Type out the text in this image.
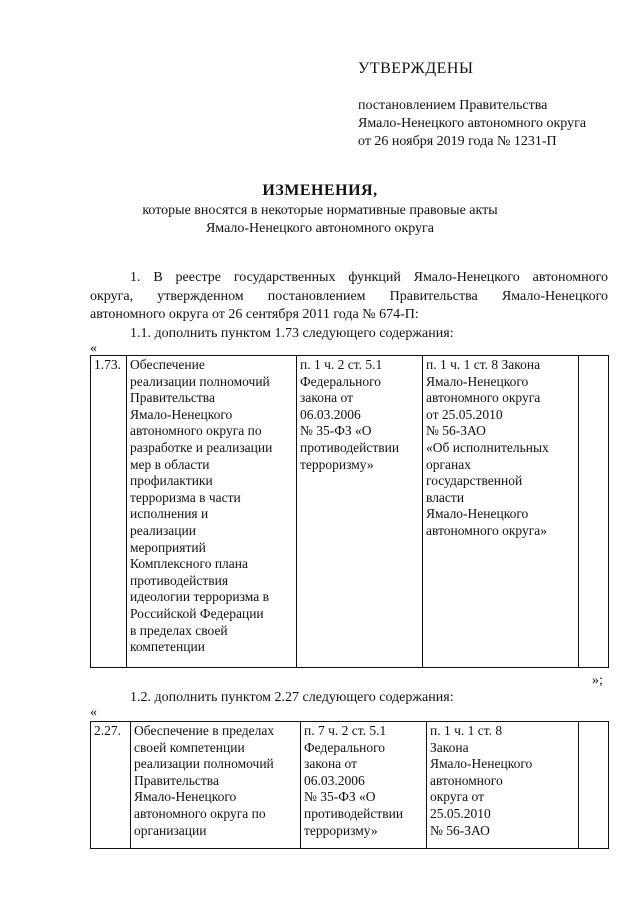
УТВЕРЖДЕНЫ
постановлением Правительства
Ямало-Ненецкого автономного округа
от 26 ноября 2019 года № 1231-П
ИЗМЕНЕНИЯ,
которые вносятся в некоторые нормативные правовые акты
Ямало-Ненецкого автономного округа
1. В реестре государственных функций Ямало-Ненецкого автономного
округа, утвержденном постановлением Правительства Ямало-Ненецкого
автономного округа от 26 сентября 2011 года № 674-П:
1.1. дополнить пунктом 1.73 следующего содержания:
«
1.73.	Обеспечение
реализации полномочий
Правительства
Ямало-Ненецкого
автономного округа по
разработке и реализации
мер в области
профилактики
терроризма в части
исполнения и
реализации
мероприятий
Комплексного плана
противодействия
идеологии терроризма в
Российской Федерации
в пределах своей
компетенции	п. 1 ч. 2 ст. 5.1
Федерального
закона от
06.03.2006
№ 35-ФЗ «О
противодействии
терроризму»	п. 1 ч. 1 ст. 8 Закона
Ямало-Ненецкого
автономного округа
от 25.05.2010
№ 56-ЗАО
«Об исполнительных
органах
государственной
власти
Ямало-Ненецкого
автономного округа»	
»;
1.2. дополнить пунктом 2.27 следующего содержания:
«
2.27.	Обеспечение в пределах
своей компетенции
реализации полномочий
Правительства
Ямало-Ненецкого
автономного округа по
организации	п. 7 ч. 2 ст. 5.1
Федерального
закона от
06.03.2006
№ 35-ФЗ «О
противодействии
терроризму»	п. 1 ч. 1 ст. 8
Закона
Ямало-Ненецкого
автономного
округа от
25.05.2010
№ 56-ЗАО	
